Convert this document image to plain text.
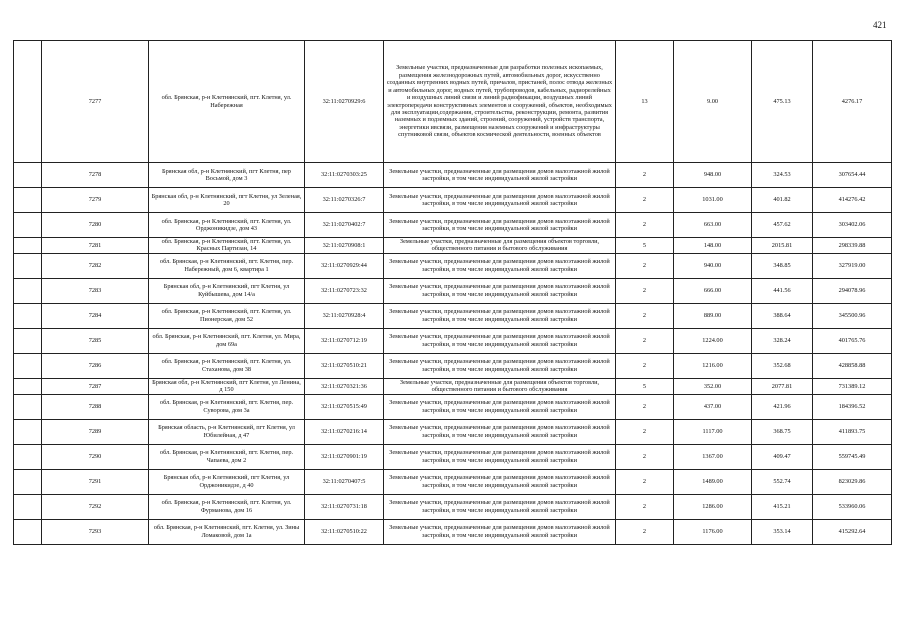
421
	7277	обл. Брянская, р-н Клетнянский, пгт. Клетня, ул. Набережная	32:11:0270929:6	Земельные участки, предназначенные для разработки полезных ископаемых, размещения железнодорожных путей, автомобильных дорог, искусственно созданных внутренних водных путей, причалов, пристаней, полос отвода железных и автомобильных дорог, водных путей, трубопроводов, кабельных, радиорелейных и воздушных линий связи и линий радиофикации, воздушных линий электропередачи конструктивных элементов и сооружений, объектов, необходимых для эксплуатации,содержания, строительства, реконструкции, ремонта, развития наземных и подземных зданий, строений, сооружений, устройств транспорта, энергетики ивсвязи, размещения наземных сооружений и инфраструктуры спутниковой связи, объектов космической деятельности, военных объектов	13	9.00	475.13	4276.17
	7278	Брянская обл, р-н Клетнянский, пгт Клетня, пер Восьмой, дом 3	32:11:0270303:25	Земельные участки, предназначенные для размещения домов малоэтажной жилой застройки, в том числе индивидуальной жилой застройки	2	948.00	324.53	307654.44
	7279	Брянская обл, р-н Клетнянский, пгт Клетня, ул Зеленая, 20	32:11:0270326:7	Земельные участки, предназначенные для размещения домов малоэтажной жилой застройки, в том числе индивидуальной жилой застройки	2	1031.00	401.82	414276.42
	7280	обл. Брянская, р-н Клетнянский, пгт. Клетня, ул. Орджоникидзе, дом 43	32:11:0270402:7	Земельные участки, предназначенные для размещения домов малоэтажной жилой застройки, в том числе индивидуальной жилой застройки	2	663.00	457.62	303402.06
	7281	обл. Брянская, р-н Клетнянский, пгт. Клетня, ул. Красных Партизан, 14	32:11:0270908:1	Земельные участки, предназначенные для размещения объектов торговли, общественного питания и бытового обслуживания	5	148.00	2015.81	298339.88
	7282	обл. Брянская, р-н Клетнянский, пгт. Клетня, пер. Набережный, дом 6, квартира 1	32:11:0270929:44	Земельные участки, предназначенные для размещения домов малоэтажной жилой застройки, в том числе индивидуальной жилой застройки	2	940.00	348.85	327919.00
	7283	Брянская обл, р-н Клетнянский, пгт Клетня, ул Куйбышева, дом 14/а	32:11:0270723:32	Земельные участки, предназначенные для размещения домов малоэтажной жилой застройки, в том числе индивидуальной жилой застройки	2	666.00	441.56	294078.96
	7284	обл. Брянская, р-н Клетнянский, пгт. Клетня, ул. Пионерская, дом 52	32:11:0270928:4	Земельные участки, предназначенные для размещения домов малоэтажной жилой застройки, в том числе индивидуальной жилой застройки	2	889.00	388.64	345500.96
	7285	обл. Брянская, р-н Клетнянский, пгт. Клетня, ул. Мира, дом 69а	32:11:0270712:19	Земельные участки, предназначенные для размещения домов малоэтажной жилой застройки, в том числе индивидуальной жилой застройки	2	1224.00	328.24	401765.76
	7286	обл. Брянская, р-н Клетнянский, пгт. Клетня, ул. Стаханова, дом 38	32:11:0270510:21	Земельные участки, предназначенные для размещения домов малоэтажной жилой застройки, в том числе индивидуальной жилой застройки	2	1216.00	352.68	428858.88
	7287	Брянская обл, р-н Клетнянский, пгт Клетня, ул Ленина, д 150	32:11:0270321:36	Земельные участки, предназначенные для размещения объектов торговли, общественного питания и бытового обслуживания	5	352.00	2077.81	731389.12
	7288	обл. Брянская, р-н Клетнянский, пгт. Клетня, пер. Суворова, дом 3а	32:11:0270515:49	Земельные участки, предназначенные для размещения домов малоэтажной жилой застройки, в том числе индивидуальной жилой застройки	2	437.00	421.96	184396.52
	7289	Брянская область, р-н Клетнянский, пгт Клетня, ул Юбилейная, д 47	32:11:0270216:14	Земельные участки, предназначенные для размещения домов малоэтажной жилой застройки, в том числе индивидуальной жилой застройки	2	1117.00	368.75	411893.75
	7290	обл. Брянская, р-н Клетнянский, пгт. Клетня, пер. Чапаева, дом 2	32:11:0270901:19	Земельные участки, предназначенные для размещения домов малоэтажной жилой застройки, в том числе индивидуальной жилой застройки	2	1367.00	409.47	559745.49
	7291	Брянская обл, р-н Клетнянский, пгт Клетня, ул Орджоникидзе, д 40	32:11:0270407:5	Земельные участки, предназначенные для размещения домов малоэтажной жилой застройки, в том числе индивидуальной жилой застройки	2	1489.00	552.74	823029.86
	7292	обл. Брянская, р-н Клетнянский, пгт. Клетня, ул. Фурманова, дом 16	32:11:0270731:18	Земельные участки, предназначенные для размещения домов малоэтажной жилой застройки, в том числе индивидуальной жилой застройки	2	1286.00	415.21	533960.06
	7293	обл. Брянская, р-н Клетнянский, пгт. Клетня, ул. Зины Ломаковой, дом 1а	32:11:0270510:22	Земельные участки, предназначенные для размещения домов малоэтажной жилой застройки, в том числе индивидуальной жилой застройки	2	1176.00	353.14	415292.64
